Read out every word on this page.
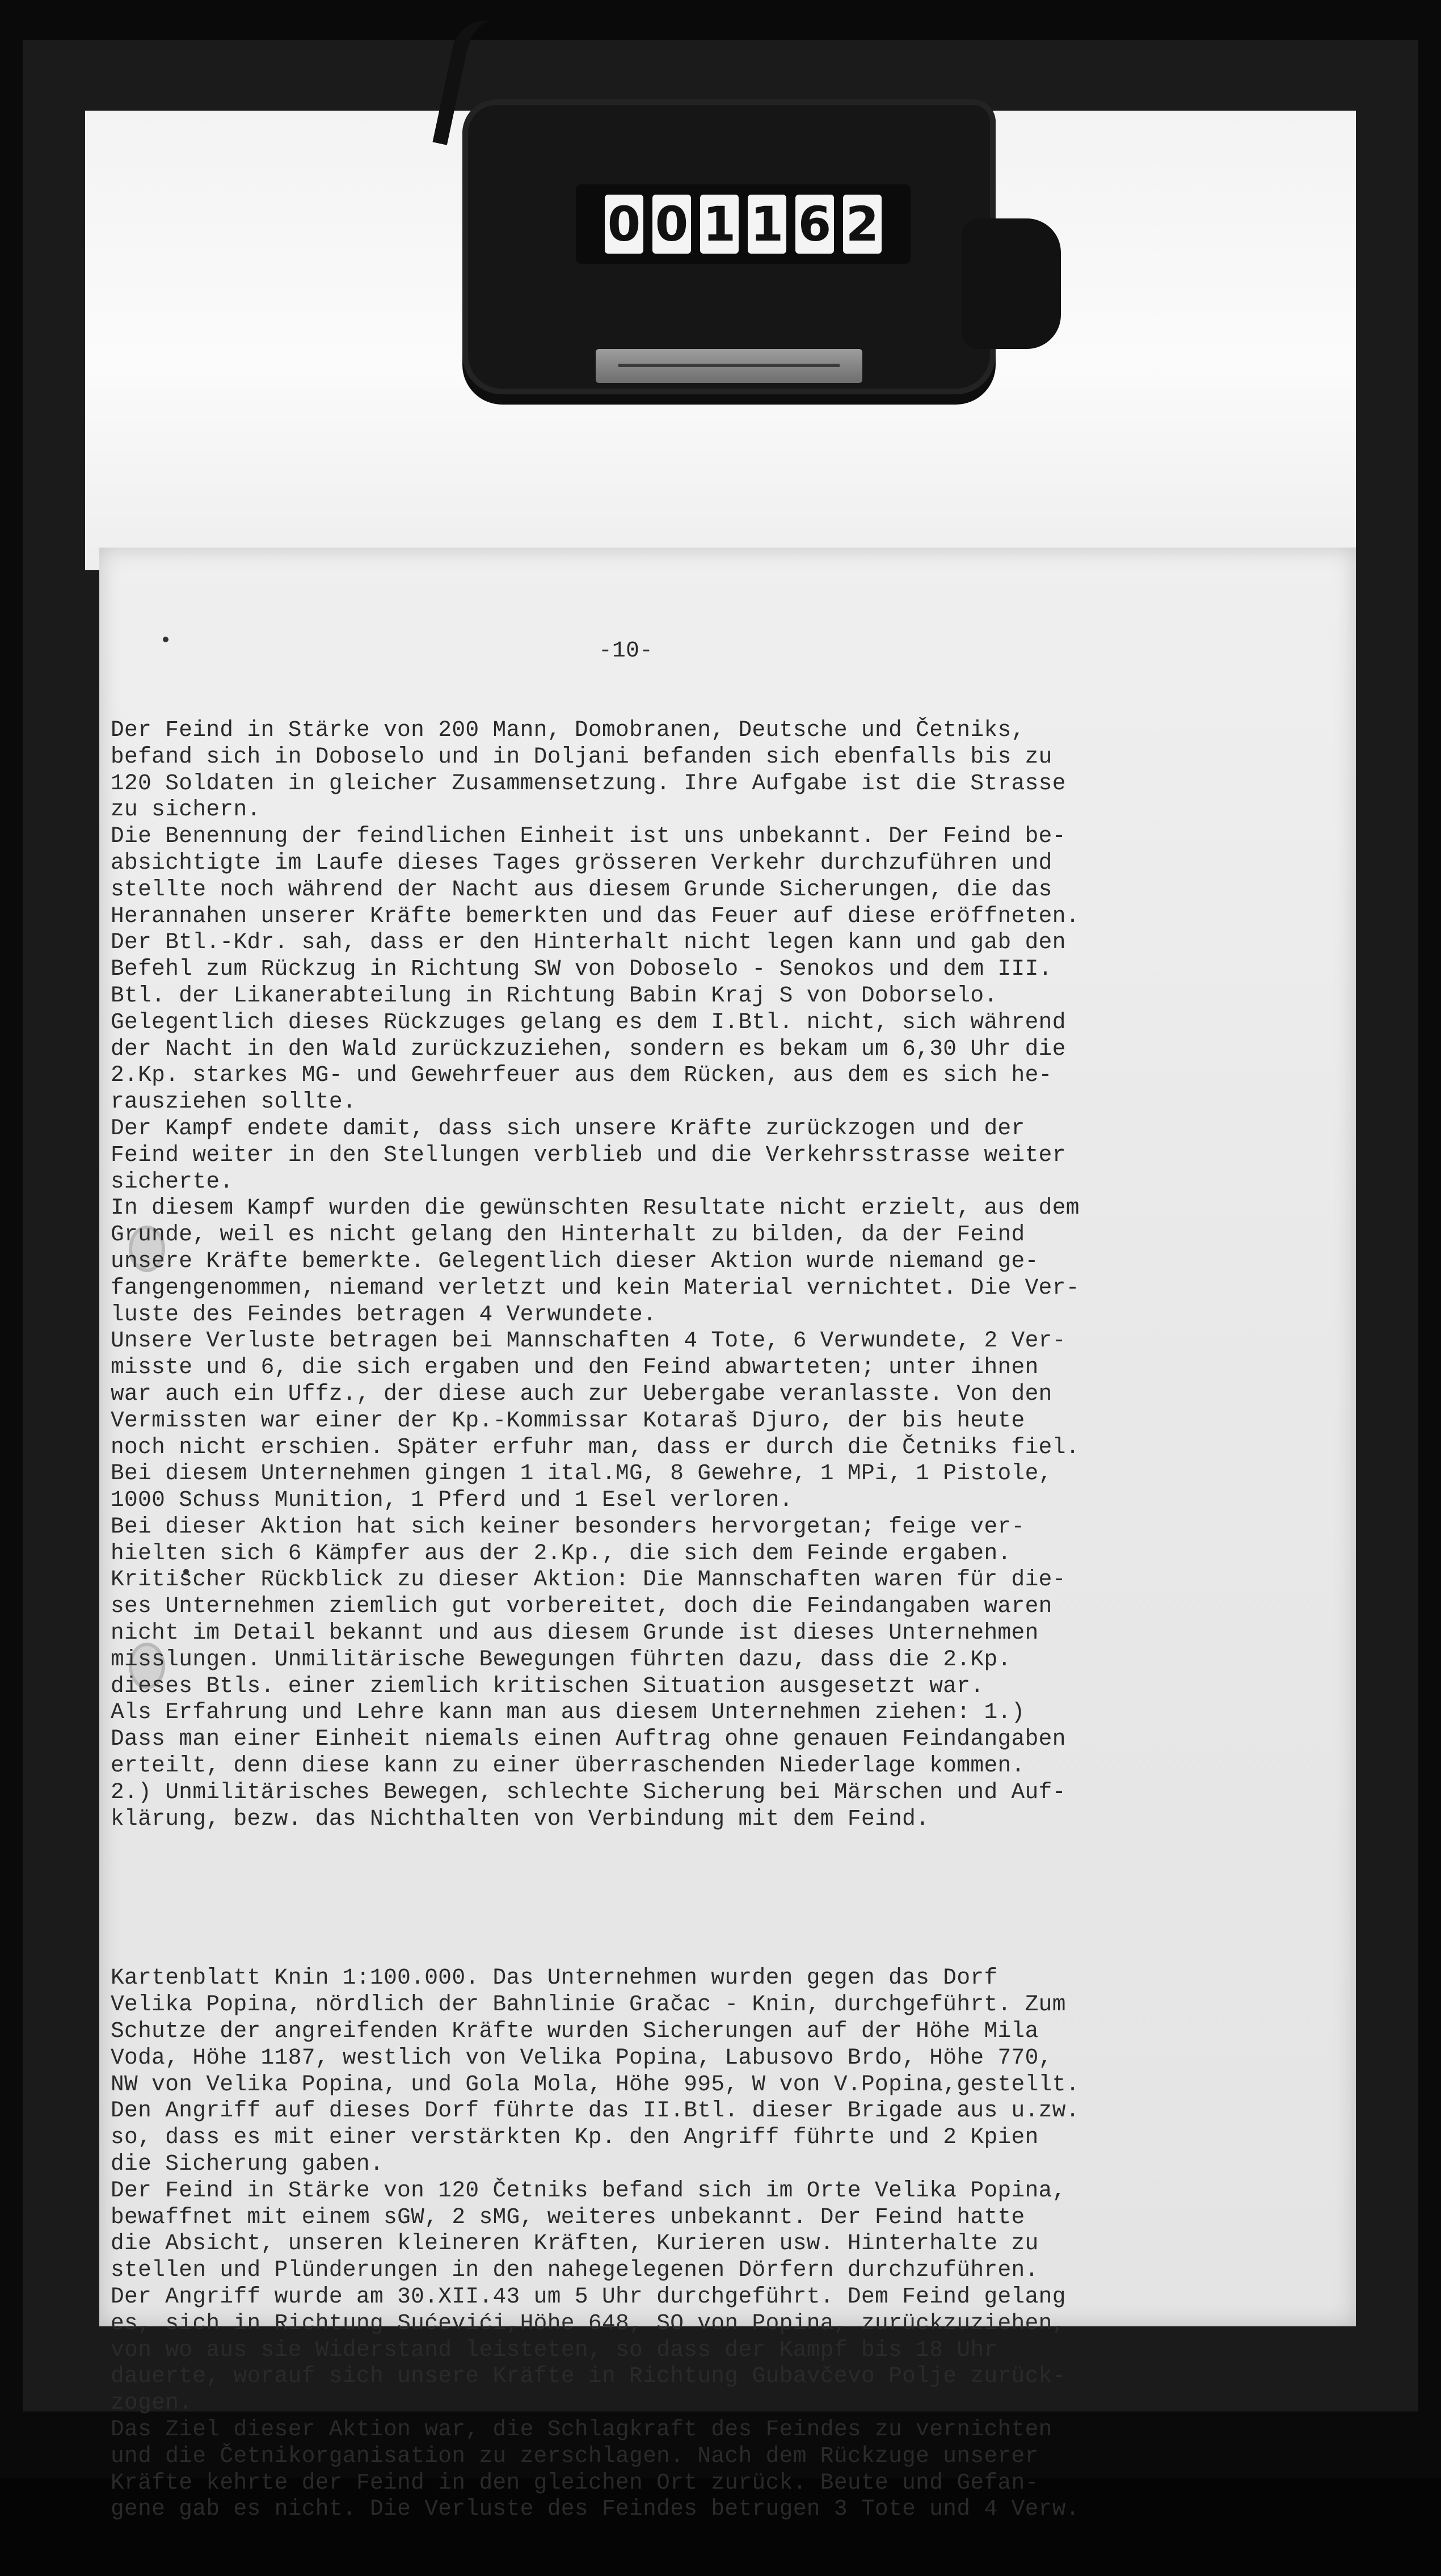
0 0 1 1 6 2

-10-

Der Feind in Stärke von 200 Mann, Domobranen, Deutsche und Četniks,
befand sich in Doboselo und in Doljani befanden sich ebenfalls bis zu
120 Soldaten in gleicher Zusammensetzung. Ihre Aufgabe ist die Strasse
zu sichern.
Die Benennung der feindlichen Einheit ist uns unbekannt. Der Feind be-
absichtigte im Laufe dieses Tages grösseren Verkehr durchzuführen und
stellte noch während der Nacht aus diesem Grunde Sicherungen, die das
Herannahen unserer Kräfte bemerkten und das Feuer auf diese eröffneten.
Der Btl.-Kdr. sah, dass er den Hinterhalt nicht legen kann und gab den
Befehl zum Rückzug in Richtung SW von Doboselo - Senokos und dem III.
Btl. der Likanerabteilung in Richtung Babin Kraj S von Doborselo.
Gelegentlich dieses Rückzuges gelang es dem I.Btl. nicht, sich während
der Nacht in den Wald zurückzuziehen, sondern es bekam um 6,30 Uhr die
2.Kp. starkes MG- und Gewehrfeuer aus dem Rücken, aus dem es sich he-
rausziehen sollte.
Der Kampf endete damit, dass sich unsere Kräfte zurückzogen und der
Feind weiter in den Stellungen verblieb und die Verkehrsstrasse weiter
sicherte.
In diesem Kampf wurden die gewünschten Resultate nicht erzielt, aus dem
Grunde, weil es nicht gelang den Hinterhalt zu bilden, da der Feind
unsere Kräfte bemerkte. Gelegentlich dieser Aktion wurde niemand ge-
fangengenommen, niemand verletzt und kein Material vernichtet. Die Ver-
luste des Feindes betragen 4 Verwundete.
Unsere Verluste betragen bei Mannschaften 4 Tote, 6 Verwundete, 2 Ver-
misste und 6, die sich ergaben und den Feind abwarteten; unter ihnen
war auch ein Uffz., der diese auch zur Uebergabe veranlasste. Von den
Vermissten war einer der Kp.-Kommissar Kotaraš Djuro, der bis heute
noch nicht erschien. Später erfuhr man, dass er durch die Četniks fiel.
Bei diesem Unternehmen gingen 1 ital.MG, 8 Gewehre, 1 MPi, 1 Pistole,
1000 Schuss Munition, 1 Pferd und 1 Esel verloren.
Bei dieser Aktion hat sich keiner besonders hervorgetan; feige ver-
hielten sich 6 Kämpfer aus der 2.Kp., die sich dem Feinde ergaben.
Kritischer Rückblick zu dieser Aktion: Die Mannschaften waren für die-
ses Unternehmen ziemlich gut vorbereitet, doch die Feindangaben waren
nicht im Detail bekannt und aus diesem Grunde ist dieses Unternehmen
misslungen. Unmilitärische Bewegungen führten dazu, dass die 2.Kp.
dieses Btls. einer ziemlich kritischen Situation ausgesetzt war.
Als Erfahrung und Lehre kann man aus diesem Unternehmen ziehen: 1.)
Dass man einer Einheit niemals einen Auftrag ohne genauen Feindangaben
erteilt, denn diese kann zu einer überraschenden Niederlage kommen.
2.) Unmilitärisches Bewegen, schlechte Sicherung bei Märschen und Auf-
klärung, bezw. das Nichthalten von Verbindung mit dem Feind.

Kartenblatt Knin 1:100.000. Das Unternehmen wurden gegen das Dorf
Velika Popina, nördlich der Bahnlinie Gračac - Knin, durchgeführt. Zum
Schutze der angreifenden Kräfte wurden Sicherungen auf der Höhe Mila
Voda, Höhe 1187, westlich von Velika Popina, Labusovo Brdo, Höhe 770,
NW von Velika Popina, und Gola Mola, Höhe 995, W von V.Popina,gestellt.
Den Angriff auf dieses Dorf führte das II.Btl. dieser Brigade aus u.zw.
so, dass es mit einer verstärkten Kp. den Angriff führte und 2 Kpien
die Sicherung gaben.
Der Feind in Stärke von 120 Četniks befand sich im Orte Velika Popina,
bewaffnet mit einem sGW, 2 sMG, weiteres unbekannt. Der Feind hatte
die Absicht, unseren kleineren Kräften, Kurieren usw. Hinterhalte zu
stellen und Plünderungen in den nahegelegenen Dörfern durchzuführen.
Der Angriff wurde am 30.XII.43 um 5 Uhr durchgeführt. Dem Feind gelang
es, sich in Richtung Sućevići,Höhe 648, SO von Popina, zurückzuziehen,
von wo aus sie Widerstand leisteten, so dass der Kampf bis 18 Uhr
dauerte, worauf sich unsere Kräfte in Richtung Gubavčevo Polje zurück-
zogen.
Das Ziel dieser Aktion war, die Schlagkraft des Feindes zu vernichten
und die Četnikorganisation zu zerschlagen. Nach dem Rückzuge unserer
Kräfte kehrte der Feind in den gleichen Ort zurück. Beute und Gefan-
gene gab es nicht. Die Verluste des Feindes betrugen 3 Tote und 4 Verw.
